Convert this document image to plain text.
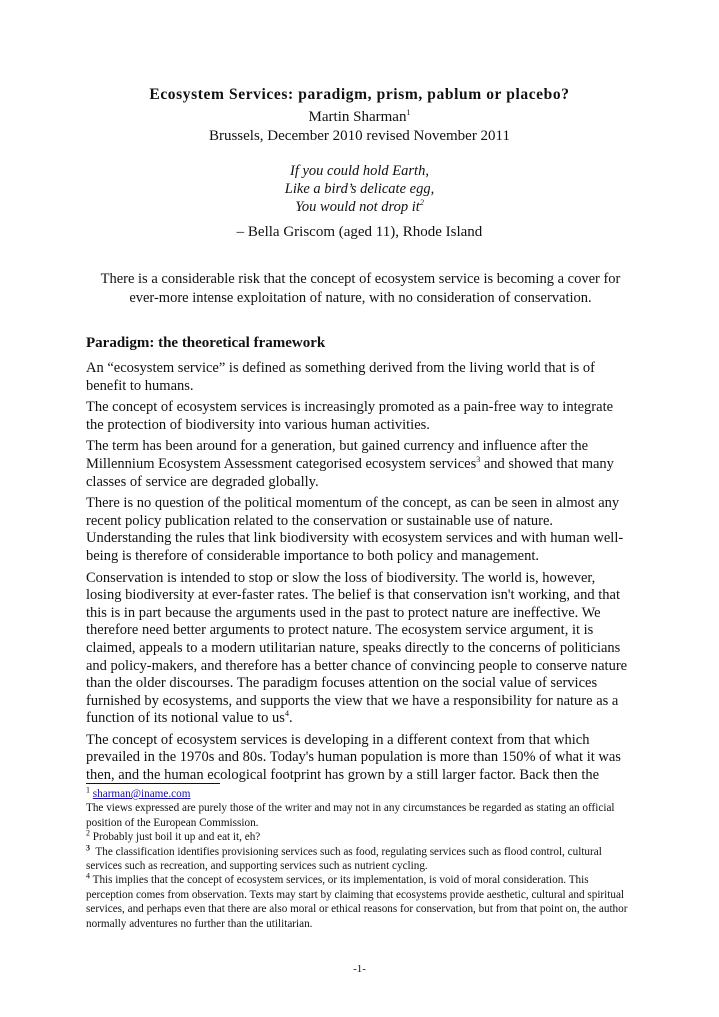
Ecosystem Services: paradigm, prism, pablum or placebo?
Martin Sharman$^1$
Brussels, December 2010 revised November 2011
If you could hold Earth,
Like a bird’s delicate egg,
You would not drop $it^2$
– Bella Griscom (aged 11), Rhode Island
There is a considerable risk that the concept of ecosystem service is becoming a cover for ever-more intense exploitation of nature, with no consideration of conservation.
Paradigm: the theoretical framework

An “ecosystem service” is defined as something derived from the living world that is of benefit to humans.

The concept of ecosystem services is increasingly promoted as a pain-free way to integrate the protection of biodiversity into various human activities.

The term has been around for a generation, but gained currency and influence after the Millennium Ecosystem Assessment categorised ecosystem services$^3$ and showed that many classes of service are degraded globally.

There is no question of the political momentum of the concept, as can be seen in almost any recent policy publication related to the conservation or sustainable use of nature. Understanding the rules that link biodiversity with ecosystem services and with human well-being is therefore of considerable importance to both policy and management.

Conservation is intended to stop or slow the loss of biodiversity. The world is, however, losing biodiversity at ever-faster rates. The belief is that conservation isn't working, and that this is in part because the arguments used in the past to protect nature are ineffective. We therefore need better arguments to protect nature. The ecosystem service argument, it is claimed, appeals to a modern utilitarian nature, speaks directly to the concerns of politicians and policy-makers, and therefore has a better chance of convincing people to conserve nature than the older discourses. The paradigm focuses attention on the social value of services furnished by ecosystems, and supports the view that we have a responsibility for nature as a function of its notional value to $us^4$.

The concept of ecosystem services is developing in a different context from that which prevailed in the 1970s and 80s. Today's human population is more than 150% of what it was then, and the human ecological footprint has grown by a still larger factor. Back then the

$^1$ sharman@iname.com

The views expressed are purely those of the writer and may not in any circumstances be regarded as stating an official position of the European Commission.

$^2$ Probably just boil it up and eat it, eh?

$^3$ The classification identifies provisioning services such as food, regulating services such as flood control, cultural services such as recreation, and supporting services such as nutrient cycling.

$^4$ This implies that the concept of ecosystem services, or its implementation, is void of moral consideration. This perception comes from observation. Texts may start by claiming that ecosystems provide aesthetic, cultural and spiritual services, and perhaps even that there are also moral or ethical reasons for conservation, but from that point on, the author normally adventures no further than the utilitarian.

-1-
